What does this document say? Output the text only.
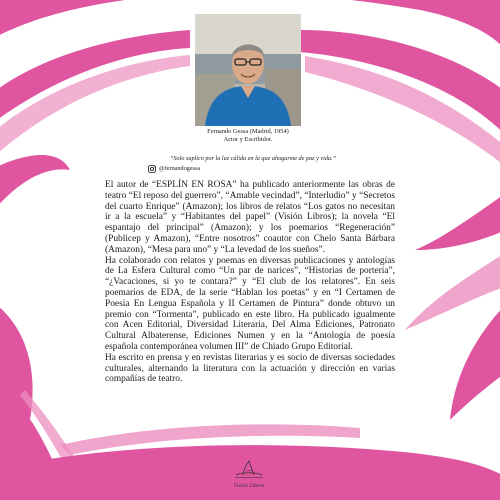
Fernando Gessa (Madrid, 1954)
Actor y Escribidor.
“Solo suplico por la luz cálida en la que ahogarme de paz y vida.”
@fernandogessa

El autor de “ESPLÍN EN ROSA” ha publicado anteriormente las obras de teatro “El reposo del guerrero”, “Amable vecindad”, “Interludio” y “Secretos del cuarto Enrique” (Amazon); los libros de relatos “Los gatos no necesitan ir a la escuela” y “Habitantes del papel” (Visión Libros); la novela “El espantajo del principal” (Amazon); y los poemarios “Regeneración” (Publicep y Amazon), “Entre nosotros” coautor con Chelo Santa Bárbara (Amazon), “Mesa para uno” y “La levedad de los sueños”.

Ha colaborado con relatos y poemas en diversas publicaciones y antologías de La Esfera Cultural como “Un par de narices”, “Historias de portería”, “¿Vacaciones, si yo te contara?” y “El club de los relatores”. En seis poemarios de EDA, de la serie “Hablan los poetas” y en “I Certamen de Poesía En Lengua Española y II Certamen de Pintura” donde obtuvo un premio con “Tormenta”, publicado en este libro. Ha publicado igualmente con Acen Editorial, Diversidad Literaria, Del Alma Ediciones, Patronato Cultural Albaterense, Ediciones Numen y en la “Antología de poesía española contemporánea volumen III” de Chiado Grupo Editorial.

Ha escrito en prensa y en revistas literarias y es socio de diversas sociedades culturales, alternando la literatura con la actuación y dirección en varias compañías de teatro.

Visión Libros
